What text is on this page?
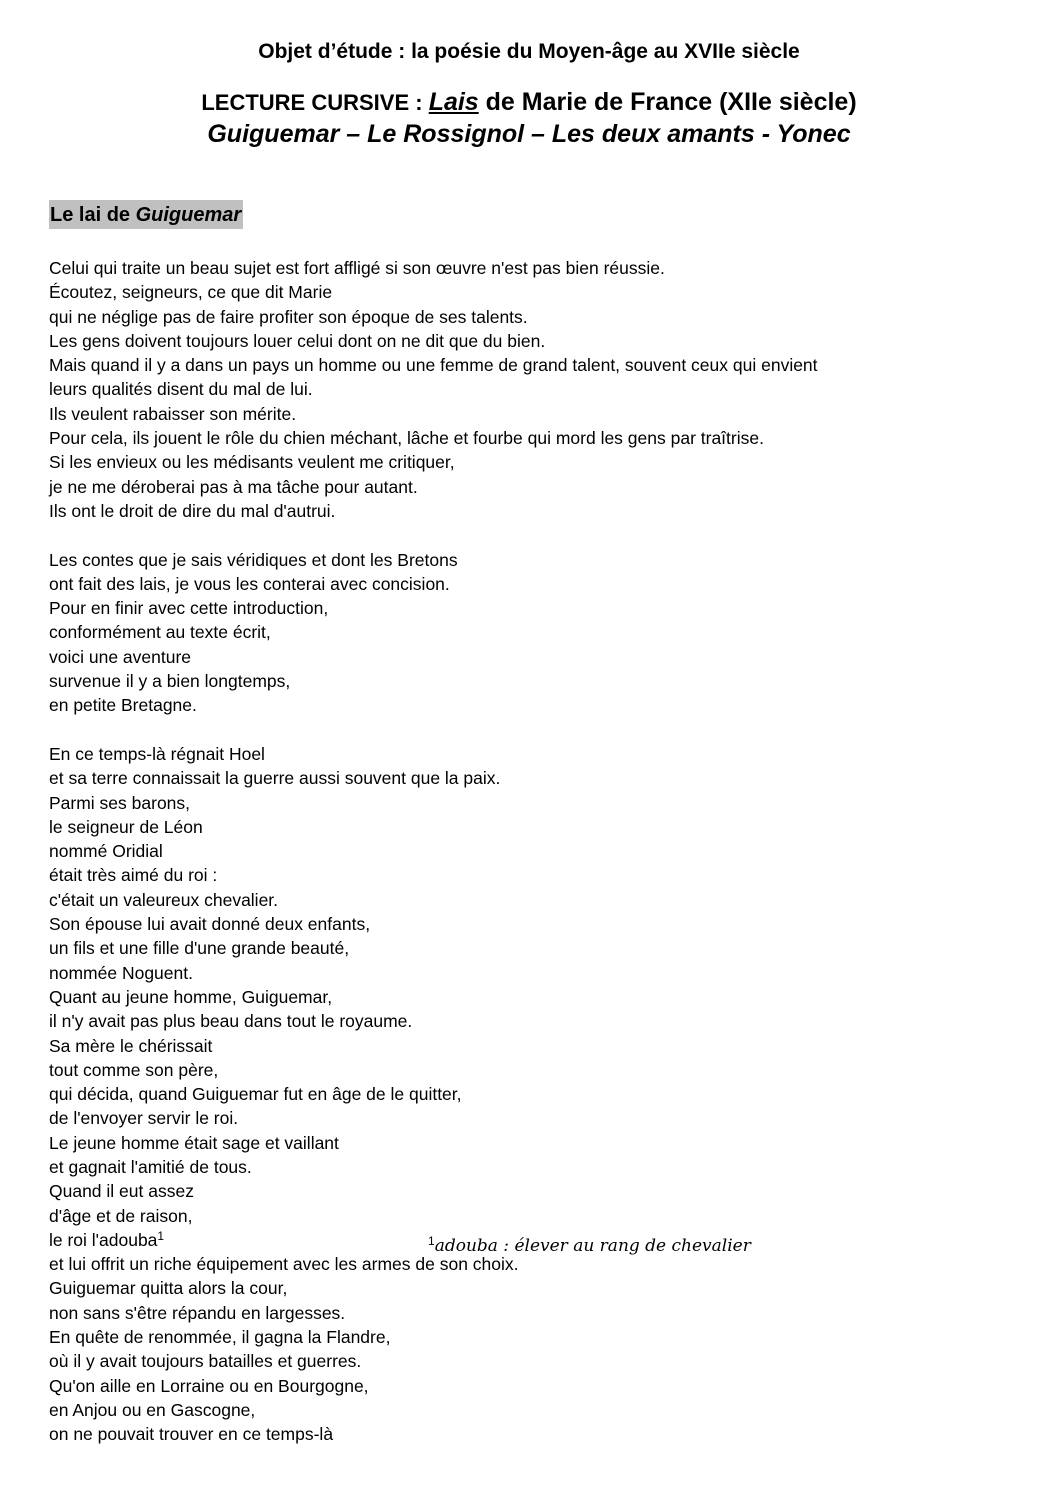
Objet d’étude : la poésie du Moyen-âge au XVIIe siècle
LECTURE CURSIVE : Lais de Marie de France (XIIe siècle)
Guiguemar – Le Rossignol – Les deux amants - Yonec
Le lai de Guiguemar
Celui qui traite un beau sujet est fort affligé si son œuvre n'est pas bien réussie.
Écoutez, seigneurs, ce que dit Marie
qui ne néglige pas de faire profiter son époque de ses talents.
Les gens doivent toujours louer celui dont on ne dit que du bien.
Mais quand il y a dans un pays un homme ou une femme de grand talent, souvent ceux qui envient
leurs qualités disent du mal de lui.
Ils veulent rabaisser son mérite.
Pour cela, ils jouent le rôle du chien méchant, lâche et fourbe qui mord les gens par traîtrise.
Si les envieux ou les médisants veulent me critiquer,
je ne me déroberai pas à ma tâche pour autant.
Ils ont le droit de dire du mal d'autrui.
Les contes que je sais véridiques et dont les Bretons
ont fait des lais, je vous les conterai avec concision.
Pour en finir avec cette introduction,
conformément au texte écrit,
voici une aventure
survenue il y a bien longtemps,
en petite Bretagne.
En ce temps-là régnait Hoel
et sa terre connaissait la guerre aussi souvent que la paix.
Parmi ses barons,
le seigneur de Léon
nommé Oridial
était très aimé du roi :
c'était un valeureux chevalier.
Son épouse lui avait donné deux enfants,
un fils et une fille d'une grande beauté,
nommée Noguent.
Quant au jeune homme, Guiguemar,
il n'y avait pas plus beau dans tout le royaume.
Sa mère le chérissait
tout comme son père,
qui décida, quand Guiguemar fut en âge de le quitter,
de l'envoyer servir le roi.
Le jeune homme était sage et vaillant
et gagnait l'amitié de tous.
Quand il eut assez
d'âge et de raison,
le roi l'adouba$^1$
et lui offrit un riche équipement avec les armes de son choix.
Guiguemar quitta alors la cour,
non sans s'être répandu en largesses.
En quête de renommée, il gagna la Flandre,
où il y avait toujours batailles et guerres.
Qu'on aille en Lorraine ou en Bourgogne,
en Anjou ou en Gascogne,
on ne pouvait trouver en ce temps-là
$^1$adouba : élever au rang de chevalier
